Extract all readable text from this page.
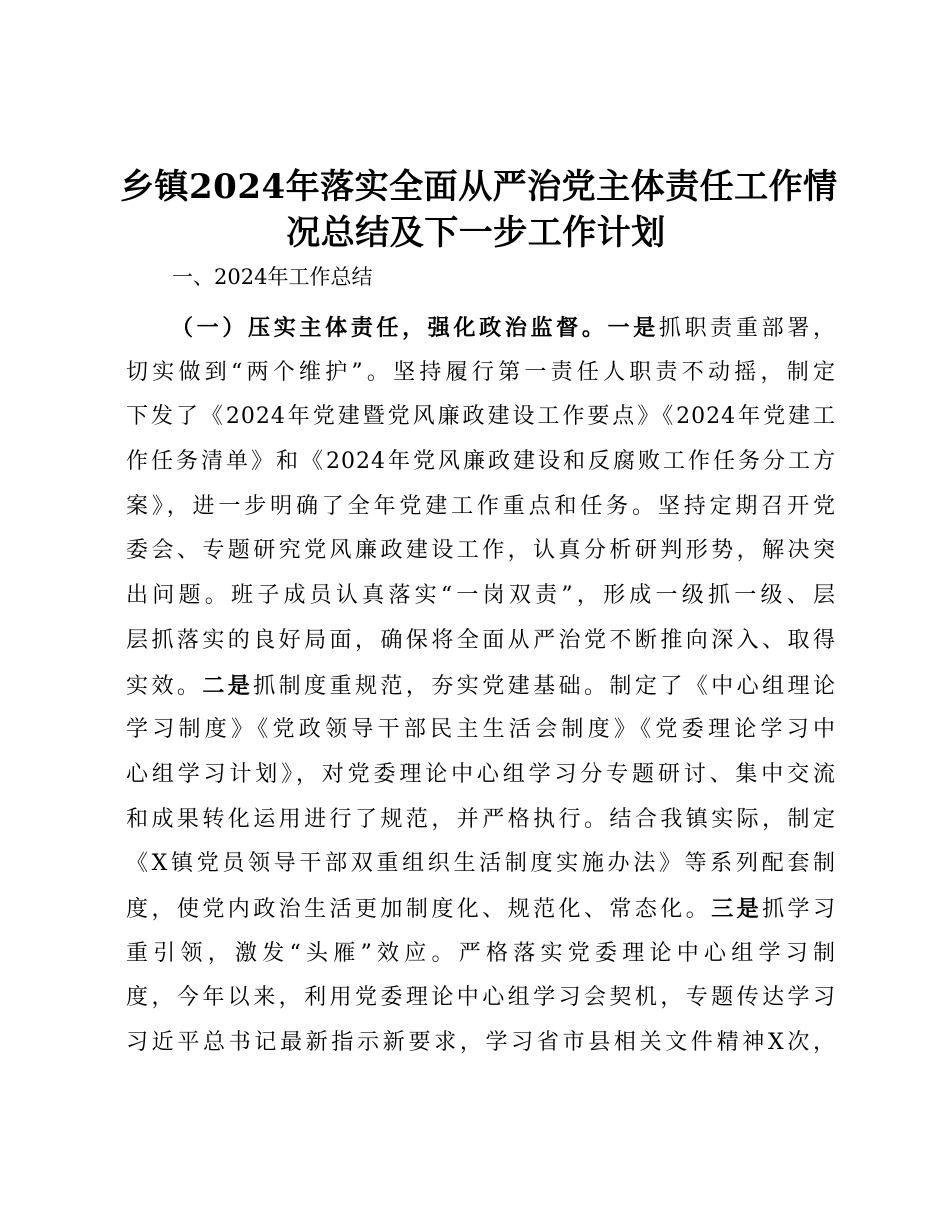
乡镇2024年落实全面从严治党主体责任工作情
况总结及下一步工作计划
一、2024年工作总结
（一）压实主体责任，强化政治监督。一是抓职责重部署，
切实做到“两个维护”。坚持履行第一责任人职责不动摇，制定
下发了《2024年党建暨党风廉政建设工作要点》《2024年党建工
作任务清单》和《2024年党风廉政建设和反腐败工作任务分工方
案》，进一步明确了全年党建工作重点和任务。坚持定期召开党
委会、专题研究党风廉政建设工作，认真分析研判形势，解决突
出问题。班子成员认真落实“一岗双责”，形成一级抓一级、层
层抓落实的良好局面，确保将全面从严治党不断推向深入、取得
实效。二是抓制度重规范，夯实党建基础。制定了《中心组理论
学习制度》《党政领导干部民主生活会制度》《党委理论学习中
心组学习计划》，对党委理论中心组学习分专题研讨、集中交流
和成果转化运用进行了规范，并严格执行。结合我镇实际，制定
《X镇党员领导干部双重组织生活制度实施办法》等系列配套制
度，使党内政治生活更加制度化、规范化、常态化。三是抓学习
重引领，激发“头雁”效应。严格落实党委理论中心组学习制
度，今年以来，利用党委理论中心组学习会契机，专题传达学习
习近平总书记最新指示新要求，学习省市县相关文件精神X次，
